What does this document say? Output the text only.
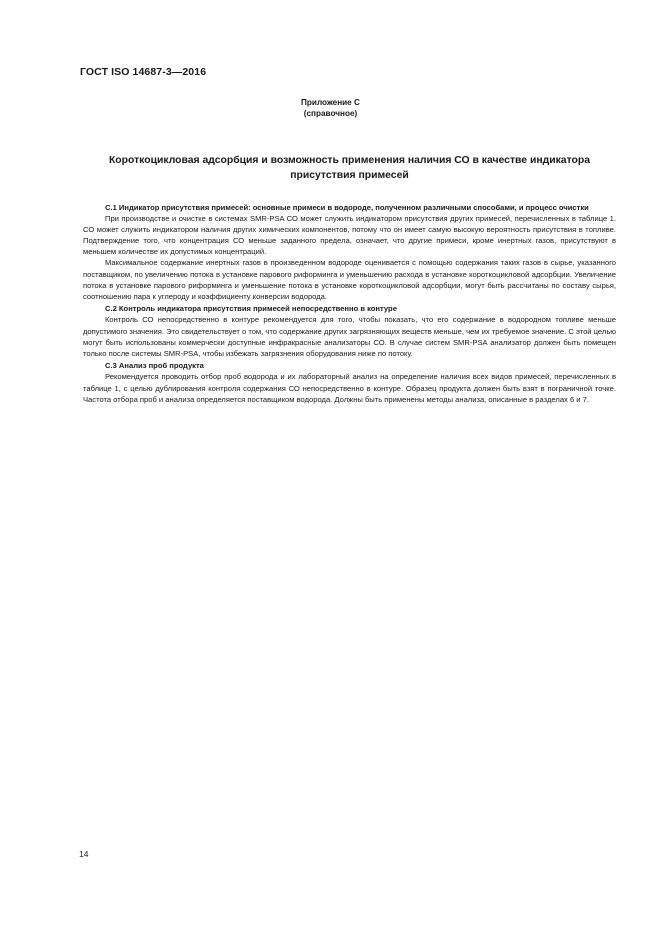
ГОСТ ISO 14687-3—2016
Приложение С
(справочное)
Короткоцикловая адсорбция и возможность применения наличия СО в качестве индикатора присутствия примесей

С.1 Индикатор присутствия примесей: основные примеси в водороде, полученном различными способами, и процесс очистки

При производстве и очистке в системах SMR-PSA СО может служить индикатором присутствия других примесей, перечисленных в таблице 1. СО может служить индикатором наличия других химических компонентов, потому что он имеет самую высокую вероятность присутствия в топливе. Подтверждение того, что концентрация СО меньше заданного предела, означает, что другие примеси, кроме инертных газов, присутствуют в меньшем количестве их допустимых концентраций.

Максимальное содержание инертных газов в произведенном водороде оценивается с помощью содержания таких газов в сырье, указанного поставщиком, по увеличению потока в установке парового риформинга и уменьшению расхода в установке короткоцикловой адсорбции. Увеличение потока в установке парового риформинга и уменьшение потока в установке короткоцикловой адсорбции, могут быть рассчитаны по составу сырья, соотношению пара к углероду и коэффициенту конверсии водорода.

С.2 Контроль индикатора присутствия примесей непосредственно в контуре

Контроль СО непосредственно в контуре рекомендуется для того, чтобы показать, что его содержание в водородном топливе меньше допустимого значения. Это свидетельствует о том, что содержание других загрязняющих веществ меньше, чем их требуемое значение. С этой целью могут быть использованы коммерчески доступные инфракрасные анализаторы СО. В случае систем SMR-PSA анализатор должен быть помещен только после системы SMR-PSA, чтобы избежать загрязнения оборудования ниже по потоку.

С.3 Анализ проб продукта

Рекомендуется проводить отбор проб водорода и их лабораторный анализ на определение наличия всех видов примесей, перечисленных в таблице 1, с целью дублирования контроля содержания СО непосредственно в контуре. Образец продукта должен быть взят в пограничной точке. Частота отбора проб и анализа определяется поставщиком водорода. Должны быть применены методы анализа, описанные в разделах 6 и 7.

14
